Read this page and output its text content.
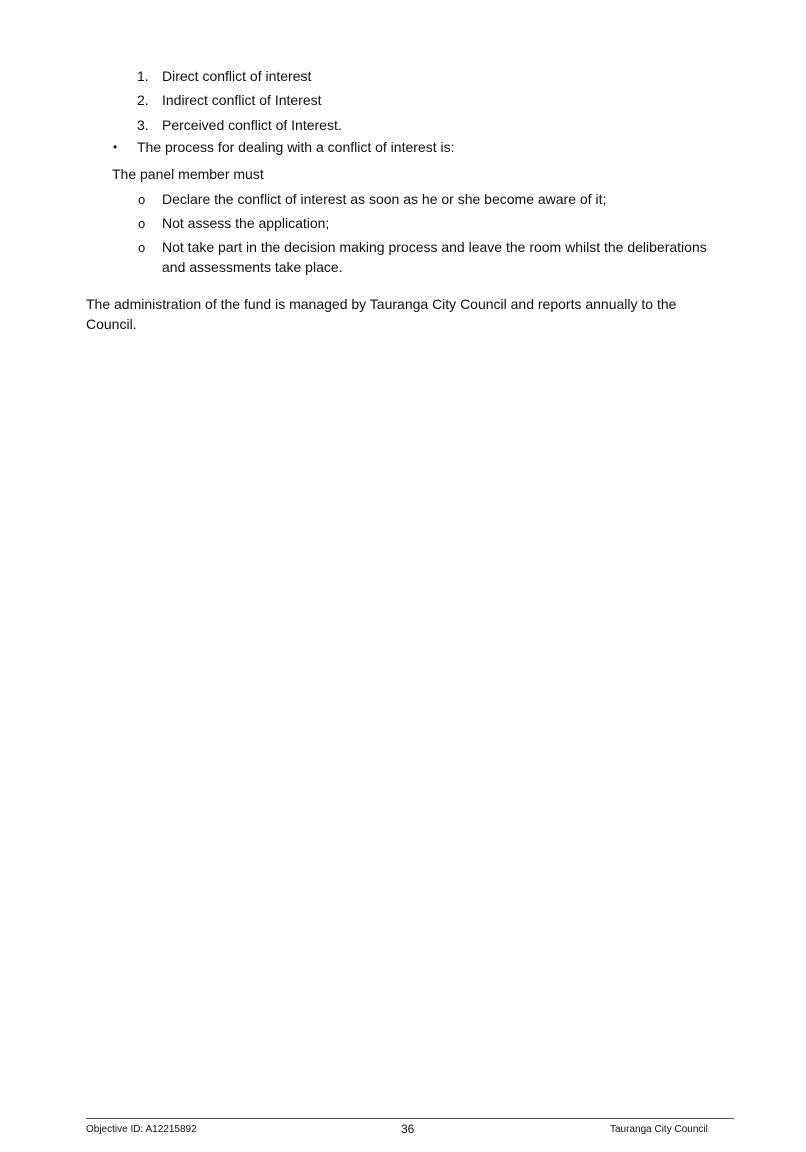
1. Direct conflict of interest
2. Indirect conflict of Interest
3. Perceived conflict of Interest.
• The process for dealing with a conflict of interest is:
The panel member must
o Declare the conflict of interest as soon as he or she become aware of it;
o Not assess the application;
o Not take part in the decision making process and leave the room whilst the deliberations
and assessments take place.
The administration of the fund is managed by Tauranga City Council and reports annually to the
Council.
Objective ID: A12215892	36	Tauranga City Council
